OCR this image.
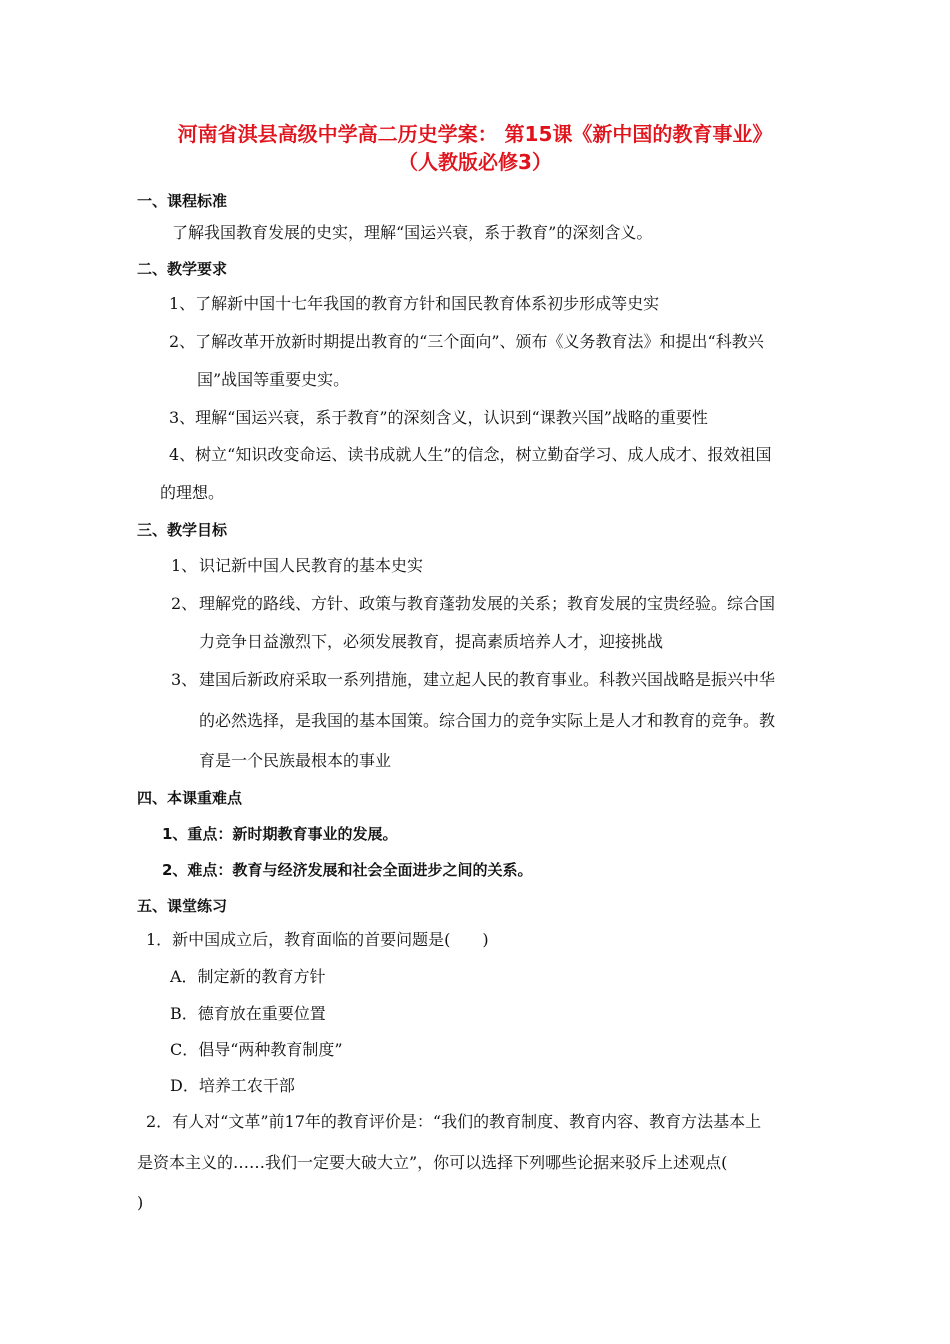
河南省淇县高级中学高二历史学案： 第15课《新中国的教育事业》
（人教版必修3）
一、课程标准
了解我国教育发展的史实，理解“国运兴衰，系于教育”的深刻含义。
二、教学要求
1、了解新中国十七年我国的教育方针和国民教育体系初步形成等史实
2、了解改革开放新时期提出教育的“三个面向”、颁布《义务教育法》和提出“科教兴
国”战国等重要史实。
3、理解“国运兴衰，系于教育”的深刻含义，认识到“课教兴国”战略的重要性
4、树立“知识改变命运、读书成就人生”的信念，树立勤奋学习、成人成才、报效祖国
的理想。
三、教学目标
1、 识记新中国人民教育的基本史实
2、 理解党的路线、方针、政策与教育蓬勃发展的关系；教育发展的宝贵经验。综合国
力竞争日益激烈下，必须发展教育，提高素质培养人才，迎接挑战
3、 建国后新政府采取一系列措施，建立起人民的教育事业。科教兴国战略是振兴中华
的必然选择，是我国的基本国策。综合国力的竞争实际上是人才和教育的竞争。教
育是一个民族最根本的事业
四、本课重难点
1、重点：新时期教育事业的发展。
2、难点：教育与经济发展和社会全面进步之间的关系。
五、课堂练习
1．新中国成立后，教育面临的首要问题是(　　)
A．制定新的教育方针
B．德育放在重要位置
C．倡导“两种教育制度”
D．培养工农干部
2．有人对“文革”前17年的教育评价是：“我们的教育制度、教育内容、教育方法基本上
是资本主义的……我们一定要大破大立”，你可以选择下列哪些论据来驳斥上述观点(
)
